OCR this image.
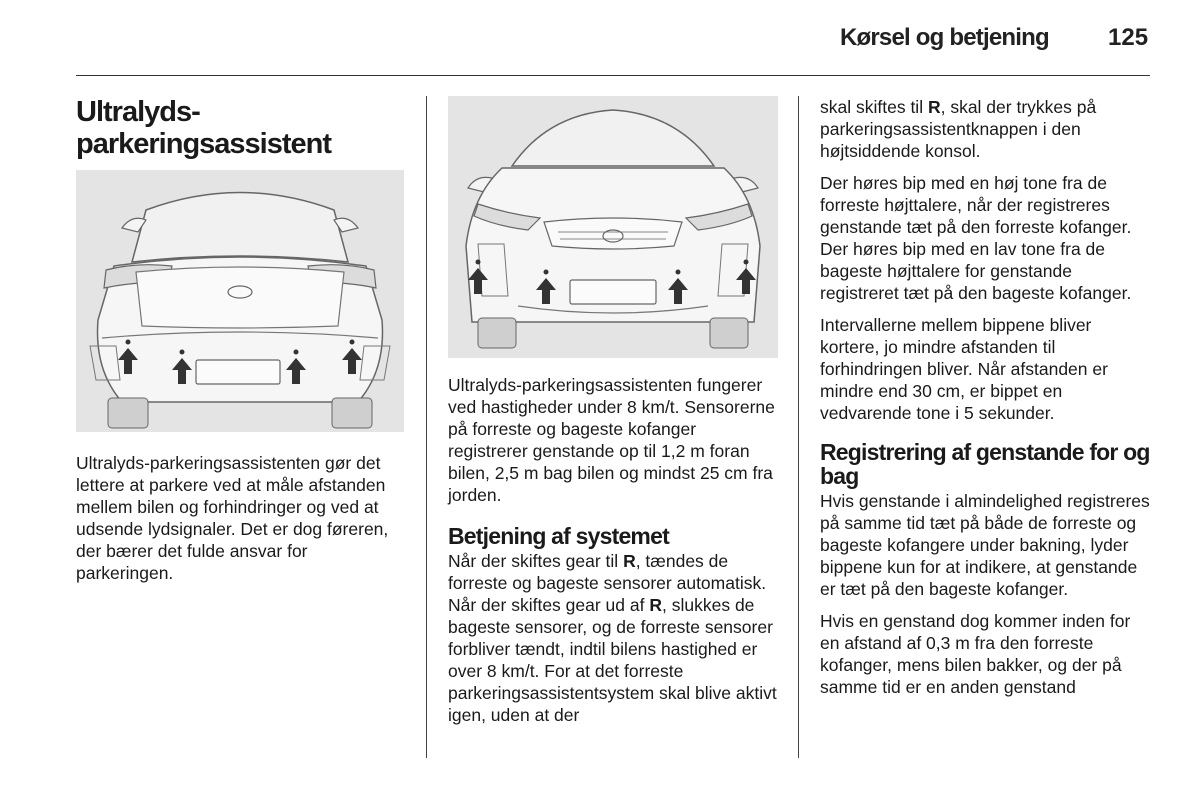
Kørsel og betjening 125
Ultralyds-
parkeringsassistent

Ultralyds-parkeringsassistenten gør det lettere at parkere ved at måle afstanden mellem bilen og forhindringer og ved at udsende lydsignaler. Det er dog føreren, der bærer det fulde ansvar for parkeringen.

Ultralyds-parkeringsassistenten fungerer ved hastigheder under 8 km/t. Sensorerne på forreste og bageste kofanger registrerer genstande op til 1,2 m foran bilen, 2,5 m bag bilen og mindst 25 cm fra jorden.

Betjening af systemet

Når der skiftes gear til R, tændes de forreste og bageste sensorer automatisk. Når der skiftes gear ud af R, slukkes de bageste sensorer, og de forreste sensorer forbliver tændt, indtil bilens hastighed er over 8 km/t. For at det forreste parkeringsassistentsystem skal blive aktivt igen, uden at der

skal skiftes til R, skal der trykkes på parkeringsassistentknappen i den højtsiddende konsol.

Der høres bip med en høj tone fra de forreste højttalere, når der registreres genstande tæt på den forreste kofanger. Der høres bip med en lav tone fra de bageste højttalere for genstande registreret tæt på den bageste kofanger.

Intervallerne mellem bippene bliver kortere, jo mindre afstanden til forhindringen bliver. Når afstanden er mindre end 30 cm, er bippet en vedvarende tone i 5 sekunder.

Registrering af genstande for og bag

Hvis genstande i almindelighed registreres på samme tid tæt på både de forreste og bageste kofangere under bakning, lyder bippene kun for at indikere, at genstande er tæt på den bageste kofanger.

Hvis en genstand dog kommer inden for en afstand af 0,3 m fra den forreste kofanger, mens bilen bakker, og der på samme tid er en anden genstand
